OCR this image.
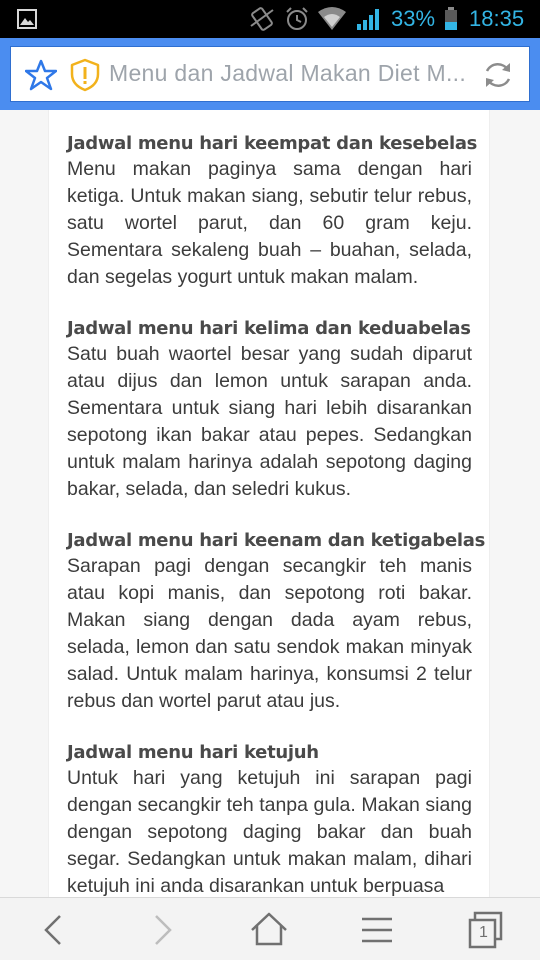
33% 18:35
Menu dan Jadwal Makan Diet M...
Jadwal menu hari keempat dan kesebelas

Menu makan paginya sama dengan hari ketiga. Untuk makan siang, sebutir telur rebus, satu wortel parut, dan 60 gram keju. Sementara sekaleng buah – buahan, selada, dan segelas yogurt untuk makan malam.

Jadwal menu hari kelima dan keduabelas

Satu buah waortel besar yang sudah diparut atau dijus dan lemon untuk sarapan anda. Sementara untuk siang hari lebih disarankan sepotong ikan bakar atau pepes. Sedangkan untuk malam harinya adalah sepotong daging bakar, selada, dan seledri kukus.

Jadwal menu hari keenam dan ketigabelas

Sarapan pagi dengan secangkir teh manis atau kopi manis, dan sepotong roti bakar. Makan siang dengan dada ayam rebus, selada, lemon dan satu sendok makan minyak salad. Untuk malam harinya, konsumsi 2 telur rebus dan wortel parut atau jus.

Jadwal menu hari ketujuh

Untuk hari yang ketujuh ini sarapan pagi dengan secangkir teh tanpa gula. Makan siang dengan sepotong daging bakar dan buah segar. Sedangkan untuk makan malam, dihari ketujuh ini anda disarankan untuk berpuasa

1
